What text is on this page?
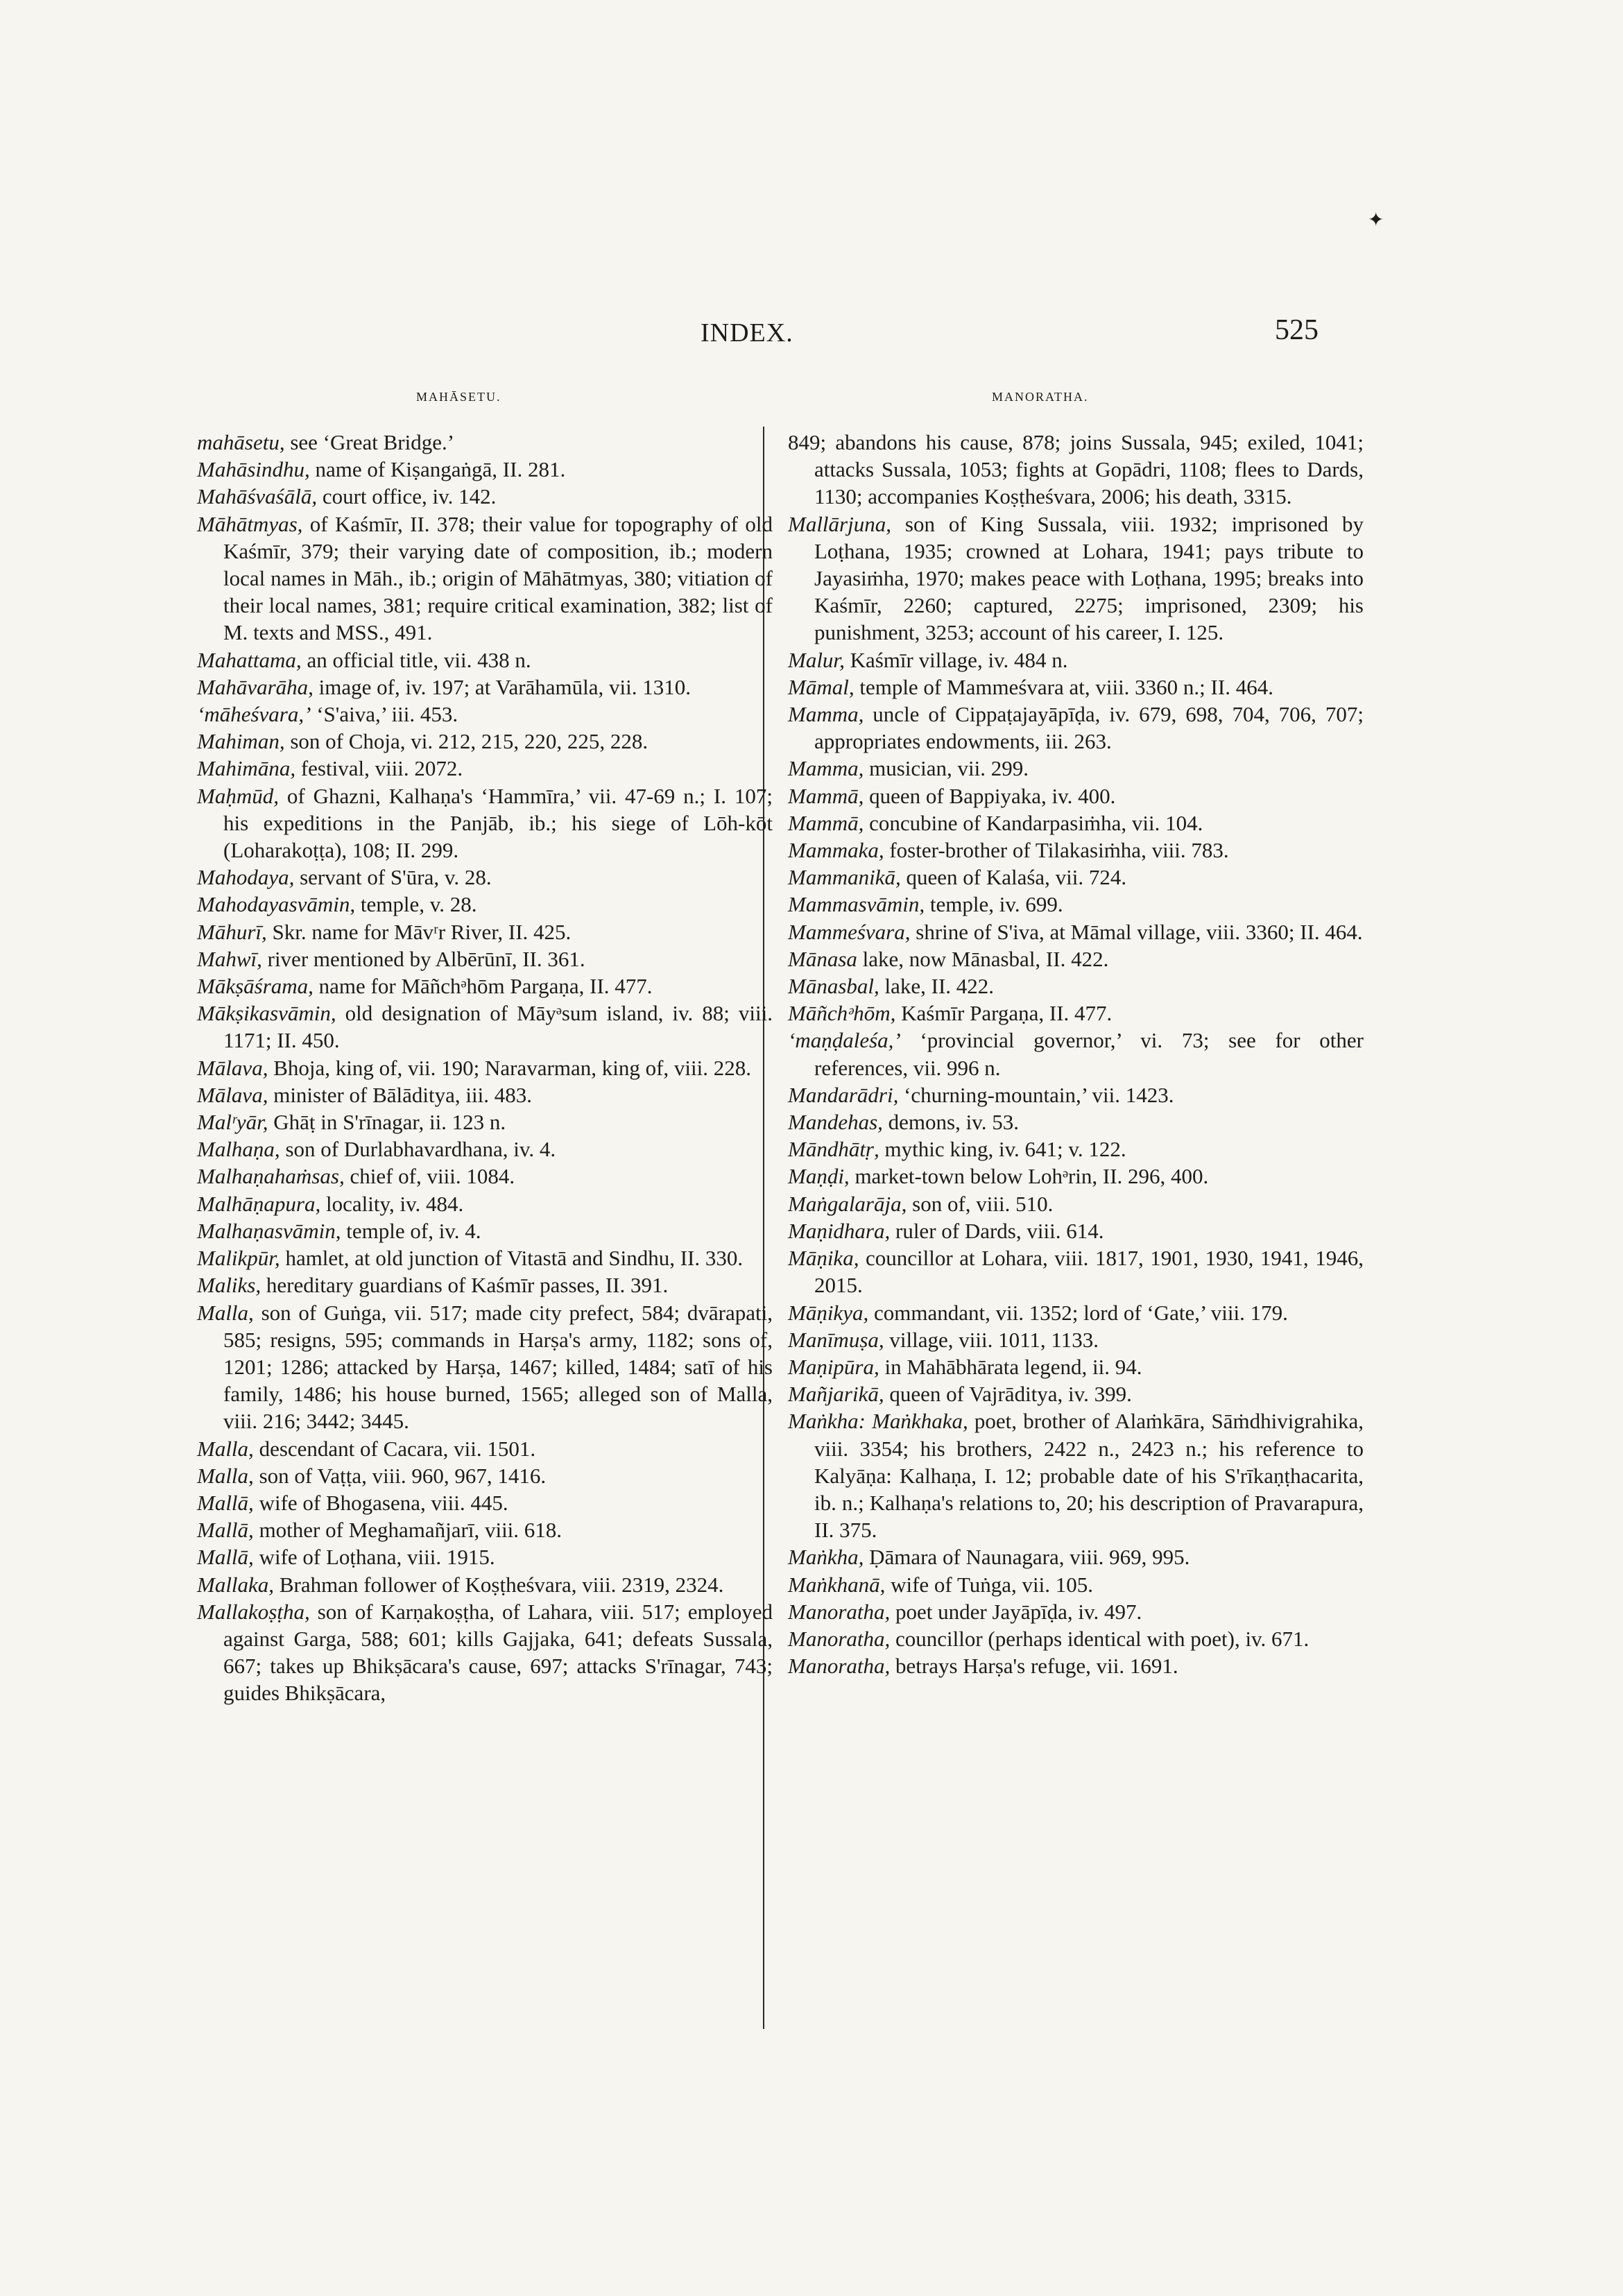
INDEX.	525
MAHĀSETU.	MANORATHA.
✦

mahāsetu, see ‘Great Bridge.’

Mahāsindhu, name of Kiṣangaṅgā, II. 281.

Mahāśvaśālā, court office, iv. 142.

Māhātmyas, of Kaśmīr, II. 378; their value for topography of old Kaśmīr, 379; their varying date of composition, ib.; modern local names in Māh., ib.; origin of Māhātmyas, 380; vitiation of their local names, 381; require critical examination, 382; list of M. texts and MSS., 491.

Mahattama, an official title, vii. 438 n.

Mahāvarāha, image of, iv. 197; at Varāhamūla, vii. 1310.

‘māheśvara,’ ‘S'aiva,’ iii. 453.

Mahiman, son of Choja, vi. 212, 215, 220, 225, 228.

Mahimāna, festival, viii. 2072.

Maḥmūd, of Ghazni, Kalhaṇa's ‘Hammīra,’ vii. 47-69 n.; I. 107; his expeditions in the Panjāb, ib.; his siege of Lōh-kōt (Loharakoṭṭa), 108; II. 299.

Mahodaya, servant of S'ūra, v. 28.

Mahodayasvāmin, temple, v. 28.

Māhurī, Skr. name for Māvʳr River, II. 425.

Mahwī, river mentioned by Albērūnī, II. 361.

Mākṣāśrama, name for Māñchᵊhōm Pargaṇa, II. 477.

Mākṣikasvāmin, old designation of Māyᵊsum island, iv. 88; viii. 1171; II. 450.

Mālava, Bhoja, king of, vii. 190; Naravarman, king of, viii. 228.

Mālava, minister of Bālāditya, iii. 483.

Malʳyār, Ghāṭ in S'rīnagar, ii. 123 n.

Malhaṇa, son of Durlabhavardhana, iv. 4.

Malhaṇahaṁsas, chief of, viii. 1084.

Malhāṇapura, locality, iv. 484.

Malhaṇasvāmin, temple of, iv. 4.

Malikpūr, hamlet, at old junction of Vitastā and Sindhu, II. 330.

Maliks, hereditary guardians of Kaśmīr passes, II. 391.

Malla, son of Guṅga, vii. 517; made city prefect, 584; dvārapati, 585; resigns, 595; commands in Harṣa's army, 1182; sons of, 1201; 1286; attacked by Harṣa, 1467; killed, 1484; satī of his family, 1486; his house burned, 1565; alleged son of Malla, viii. 216; 3442; 3445.

Malla, descendant of Cacara, vii. 1501.

Malla, son of Vaṭṭa, viii. 960, 967, 1416.

Mallā, wife of Bhogasena, viii. 445.

Mallā, mother of Meghamañjarī, viii. 618.

Mallā, wife of Loṭhana, viii. 1915.

Mallaka, Brahman follower of Koṣṭheśvara, viii. 2319, 2324.

Mallakoṣṭha, son of Karṇakoṣṭha, of Lahara, viii. 517; employed against Garga, 588; 601; kills Gajjaka, 641; defeats Sussala, 667; takes up Bhikṣācara's cause, 697; attacks S'rīnagar, 743; guides Bhikṣācara,

849; abandons his cause, 878; joins Sussala, 945; exiled, 1041; attacks Sussala, 1053; fights at Gopādri, 1108; flees to Dards, 1130; accompanies Koṣṭheśvara, 2006; his death, 3315.

Mallārjuna, son of King Sussala, viii. 1932; imprisoned by Loṭhana, 1935; crowned at Lohara, 1941; pays tribute to Jayasiṁha, 1970; makes peace with Loṭhana, 1995; breaks into Kaśmīr, 2260; captured, 2275; imprisoned, 2309; his punishment, 3253; account of his career, I. 125.

Malur, Kaśmīr village, iv. 484 n.

Māmal, temple of Mammeśvara at, viii. 3360 n.; II. 464.

Mamma, uncle of Cippaṭajayāpīḍa, iv. 679, 698, 704, 706, 707; appropriates endowments, iii. 263.

Mamma, musician, vii. 299.

Mammā, queen of Bappiyaka, iv. 400.

Mammā, concubine of Kandarpasiṁha, vii. 104.

Mammaka, foster-brother of Tilakasiṁha, viii. 783.

Mammanikā, queen of Kalaśa, vii. 724.

Mammasvāmin, temple, iv. 699.

Mammeśvara, shrine of S'iva, at Māmal village, viii. 3360; II. 464.

Mānasa lake, now Mānasbal, II. 422.

Mānasbal, lake, II. 422.

Māñchᵊhōm, Kaśmīr Pargaṇa, II. 477.

‘maṇḍaleśa,’ ‘provincial governor,’ vi. 73; see for other references, vii. 996 n.

Mandarādri, ‘churning-mountain,’ vii. 1423.

Mandehas, demons, iv. 53.

Māndhātṛ, mythic king, iv. 641; v. 122.

Maṇḍi, market-town below Lohᵊrin, II. 296, 400.

Maṅgalarāja, son of, viii. 510.

Maṇidhara, ruler of Dards, viii. 614.

Māṇika, councillor at Lohara, viii. 1817, 1901, 1930, 1941, 1946, 2015.

Māṇikya, commandant, vii. 1352; lord of ‘Gate,’ viii. 179.

Manīmuṣa, village, viii. 1011, 1133.

Maṇipūra, in Mahābhārata legend, ii. 94.

Mañjarikā, queen of Vajrāditya, iv. 399.

Maṅkha: Maṅkhaka, poet, brother of Alaṁkāra, Sāṁdhivigrahika, viii. 3354; his brothers, 2422 n., 2423 n.; his reference to Kalyāṇa: Kalhaṇa, I. 12; probable date of his S'rīkaṇṭhacarita, ib. n.; Kalhaṇa's relations to, 20; his description of Pravarapura, II. 375.

Maṅkha, Ḍāmara of Naunagara, viii. 969, 995.

Maṅkhanā, wife of Tuṅga, vii. 105.

Manoratha, poet under Jayāpīḍa, iv. 497.

Manoratha, councillor (perhaps identical with poet), iv. 671.

Manoratha, betrays Harṣa's refuge, vii. 1691.
